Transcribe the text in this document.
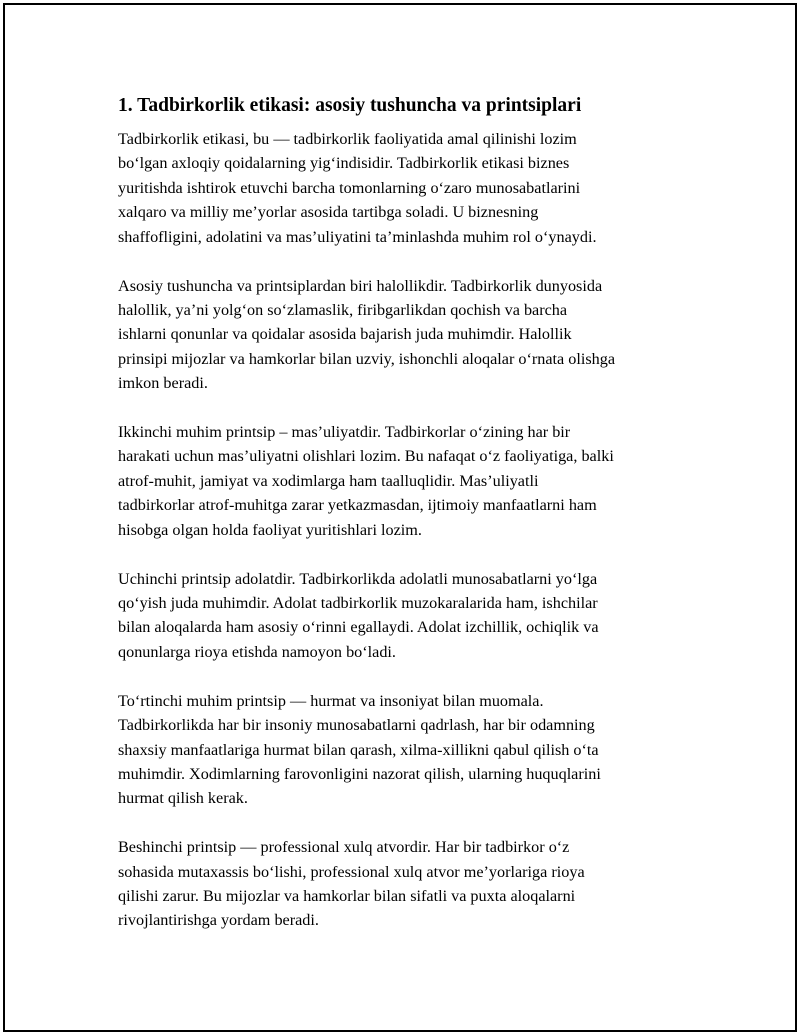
1. Tadbirkorlik etikasi: asosiy tushuncha va printsiplari

Tadbirkorlik etikasi, bu — tadbirkorlik faoliyatida amal qilinishi lozim
bo‘lgan axloqiy qoidalarning yig‘indisidir. Tadbirkorlik etikasi biznes
yuritishda ishtirok etuvchi barcha tomonlarning o‘zaro munosabatlarini
xalqaro va milliy me’yorlar asosida tartibga soladi. U biznesning
shaffofligini, adolatini va mas’uliyatini ta’minlashda muhim rol o‘ynaydi.

Asosiy tushuncha va printsiplardan biri halollikdir. Tadbirkorlik dunyosida
halollik, ya’ni yolg‘on so‘zlamaslik, firibgarlikdan qochish va barcha
ishlarni qonunlar va qoidalar asosida bajarish juda muhimdir. Halollik
prinsipi mijozlar va hamkorlar bilan uzviy, ishonchli aloqalar o‘rnata olishga
imkon beradi.

Ikkinchi muhim printsip – mas’uliyatdir. Tadbirkorlar o‘zining har bir
harakati uchun mas’uliyatni olishlari lozim. Bu nafaqat o‘z faoliyatiga, balki
atrof-muhit, jamiyat va xodimlarga ham taalluqlidir. Mas’uliyatli
tadbirkorlar atrof-muhitga zarar yetkazmasdan, ijtimoiy manfaatlarni ham
hisobga olgan holda faoliyat yuritishlari lozim.

Uchinchi printsip adolatdir. Tadbirkorlikda adolatli munosabatlarni yo‘lga
qo‘yish juda muhimdir. Adolat tadbirkorlik muzokaralarida ham, ishchilar
bilan aloqalarda ham asosiy o‘rinni egallaydi. Adolat izchillik, ochiqlik va
qonunlarga rioya etishda namoyon bo‘ladi.

To‘rtinchi muhim printsip — hurmat va insoniyat bilan muomala.
Tadbirkorlikda har bir insoniy munosabatlarni qadrlash, har bir odamning
shaxsiy manfaatlariga hurmat bilan qarash, xilma-xillikni qabul qilish o‘ta
muhimdir. Xodimlarning farovonligini nazorat qilish, ularning huquqlarini
hurmat qilish kerak.

Beshinchi printsip — professional xulq atvordir. Har bir tadbirkor o‘z
sohasida mutaxassis bo‘lishi, professional xulq atvor me’yorlariga rioya
qilishi zarur. Bu mijozlar va hamkorlar bilan sifatli va puxta aloqalarni
rivojlantirishga yordam beradi.
